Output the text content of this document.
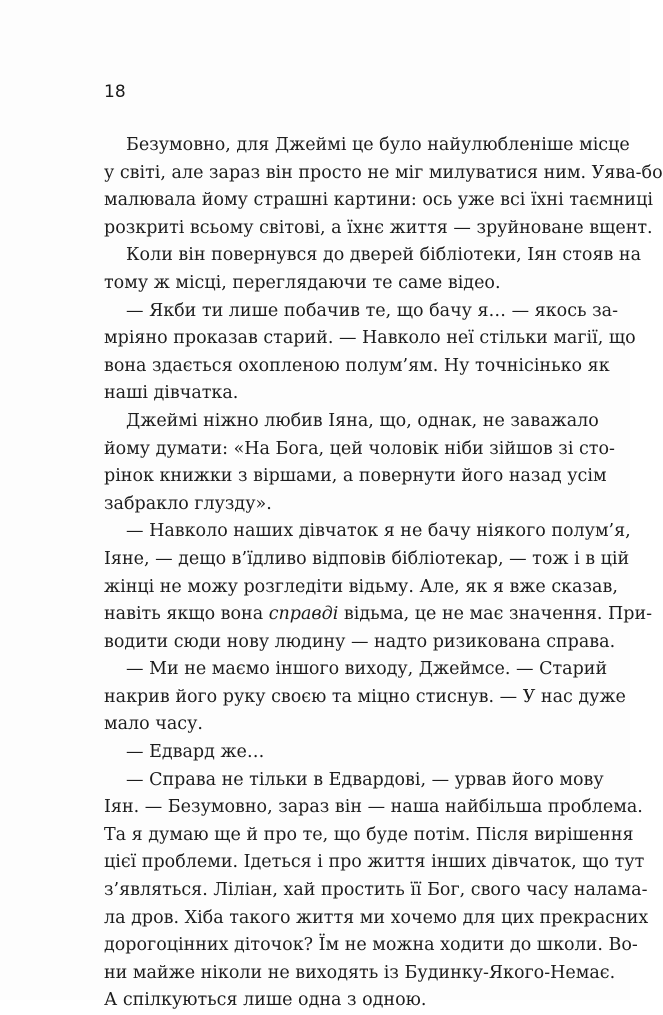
18
Безумовно, для Джеймі це було найулюбленіше місце
у світі, але зараз він просто не міг милуватися ним. Уява-бо
малювала йому страшні картини: ось уже всі їхні таємниці
розкриті всьому світові, а їхнє життя — зруйноване вщент.
Коли він повернувся до дверей бібліотеки, Іян стояв на
тому ж місці, переглядаючи те саме відео.
— Якби ти лише побачив те, що бачу я… — якось за-
мріяно проказав старий. — Навколо неї стільки магії, що
вона здається охопленою полум’ям. Ну точнісінько як
наші дівчатка.
Джеймі ніжно любив Іяна, що, однак, не заважало
йому думати: «На Бога, цей чоловік ніби зійшов зі сто-
рінок книжки з віршами, а повернути його назад усім
забракло глузду».
— Навколо наших дівчаток я не бачу ніякого полум’я,
Іяне, — дещо в’їдливо відповів бібліотекар, — тож і в цій
жінці не можу розгледіти відьму. Але, як я вже сказав,
навіть якщо вона справді відьма, це не має значення. При-
водити сюди нову людину — надто ризикована справа.
— Ми не маємо іншого виходу, Джеймсе. — Старий
накрив його руку своєю та міцно стиснув. — У нас дуже
мало часу.
— Едвард же…
— Справа не тільки в Едвардові, — урвав його мову
Іян. — Безумовно, зараз він — наша найбільша проблема.
Та я думаю ще й про те, що буде потім. Після вирішення
цієї проблеми. Ідеться і про життя інших дівчаток, що тут
з’являться. Ліліан, хай простить її Бог, свого часу налама-
ла дров. Хіба такого життя ми хочемо для цих прекрасних
дорогоцінних діточок? Їм не можна ходити до школи. Во-
ни майже ніколи не виходять із Будинку-Якого-Немає.
А спілкуються лише одна з одною.
